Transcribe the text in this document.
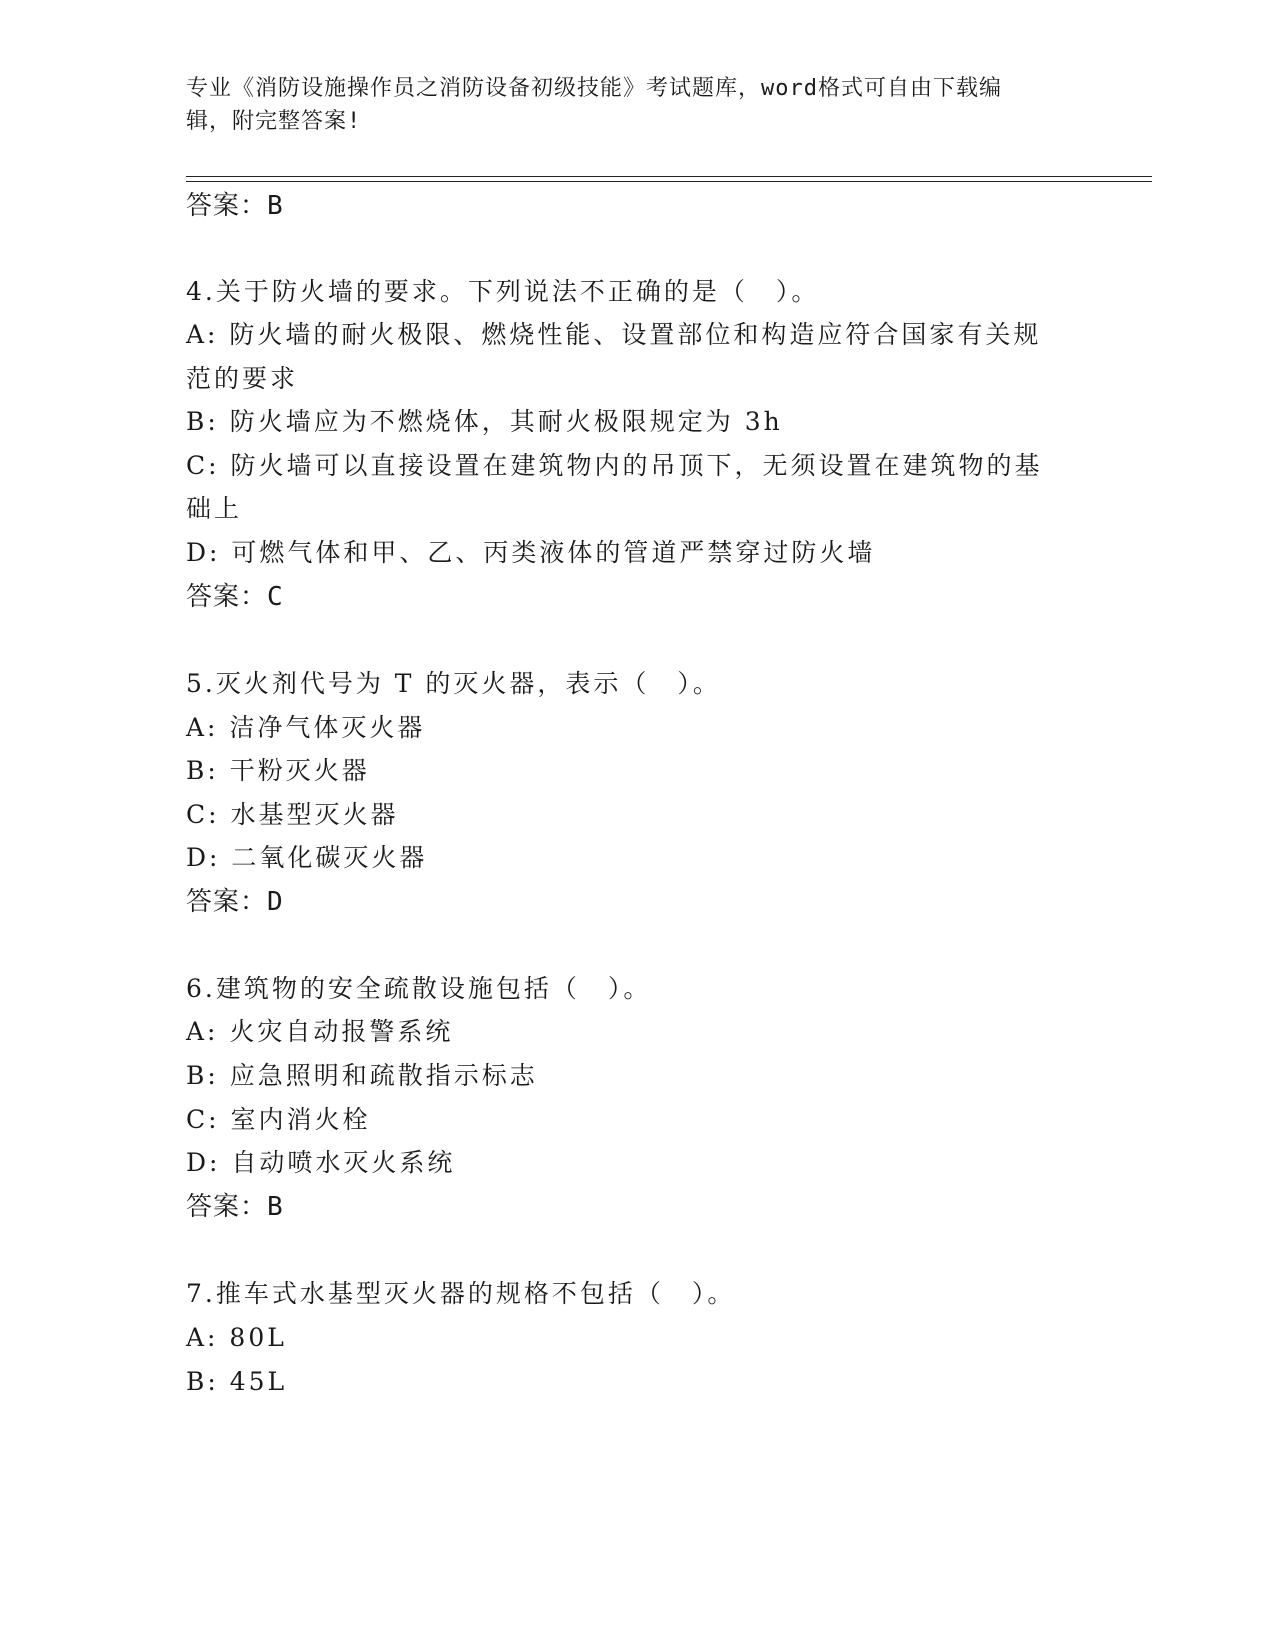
专业《消防设施操作员之消防设备初级技能》考试题库，word格式可自由下载编
辑，附完整答案!
答案：B
4.关于防火墙的要求。下列说法不正确的是（　）。
A: 防火墙的耐火极限、燃烧性能、设置部位和构造应符合国家有关规
范的要求
B: 防火墙应为不燃烧体，其耐火极限规定为 3h
C: 防火墙可以直接设置在建筑物内的吊顶下，无须设置在建筑物的基
础上
D: 可燃气体和甲、乙、丙类液体的管道严禁穿过防火墙
答案：C
5.灭火剂代号为 T 的灭火器，表示（　）。
A: 洁净气体灭火器
B: 干粉灭火器
C: 水基型灭火器
D: 二氧化碳灭火器
答案：D
6.建筑物的安全疏散设施包括（　）。
A: 火灾自动报警系统
B: 应急照明和疏散指示标志
C: 室内消火栓
D: 自动喷水灭火系统
答案：B
7.推车式水基型灭火器的规格不包括（　）。
A: 80L
B: 45L
